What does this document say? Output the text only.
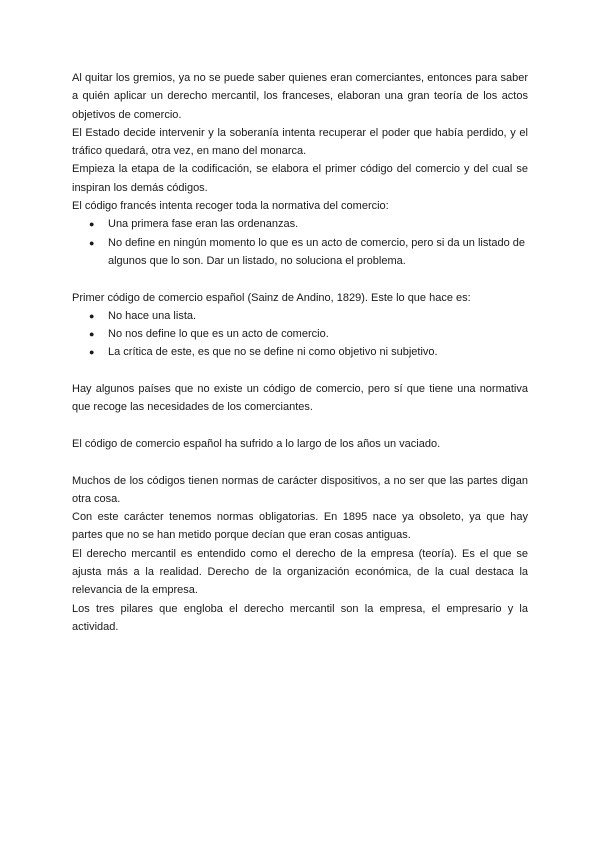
Al quitar los gremios, ya no se puede saber quienes eran comerciantes, entonces para saber a quién aplicar un derecho mercantil, los franceses, elaboran una gran teoría de los actos objetivos de comercio.

El Estado decide intervenir y la soberanía intenta recuperar el poder que había perdido, y el tráfico quedará, otra vez, en mano del monarca.

Empieza la etapa de la codificación, se elabora el primer código del comercio y del cual se inspiran los demás códigos.

El código francés intenta recoger toda la normativa del comercio:

● Una primera fase eran las ordenanzas.
● No define en ningún momento lo que es un acto de comercio, pero si da un listado de algunos que lo son. Dar un listado, no soluciona el problema.

Primer código de comercio español (Sainz de Andino, 1829). Este lo que hace es:

● No hace una lista.
● No nos define lo que es un acto de comercio.
● La crítica de este, es que no se define ni como objetivo ni subjetivo.

Hay algunos países que no existe un código de comercio, pero sí que tiene una normativa que recoge las necesidades de los comerciantes.

El código de comercio español ha sufrido a lo largo de los años un vaciado.

Muchos de los códigos tienen normas de carácter dispositivos, a no ser que las partes digan otra cosa.

Con este carácter tenemos normas obligatorias. En 1895 nace ya obsoleto, ya que hay partes que no se han metido porque decían que eran cosas antiguas.

El derecho mercantil es entendido como el derecho de la empresa (teoría). Es el que se ajusta más a la realidad. Derecho de la organización económica, de la cual destaca la relevancia de la empresa.

Los tres pilares que engloba el derecho mercantil son la empresa, el empresario y la actividad.
